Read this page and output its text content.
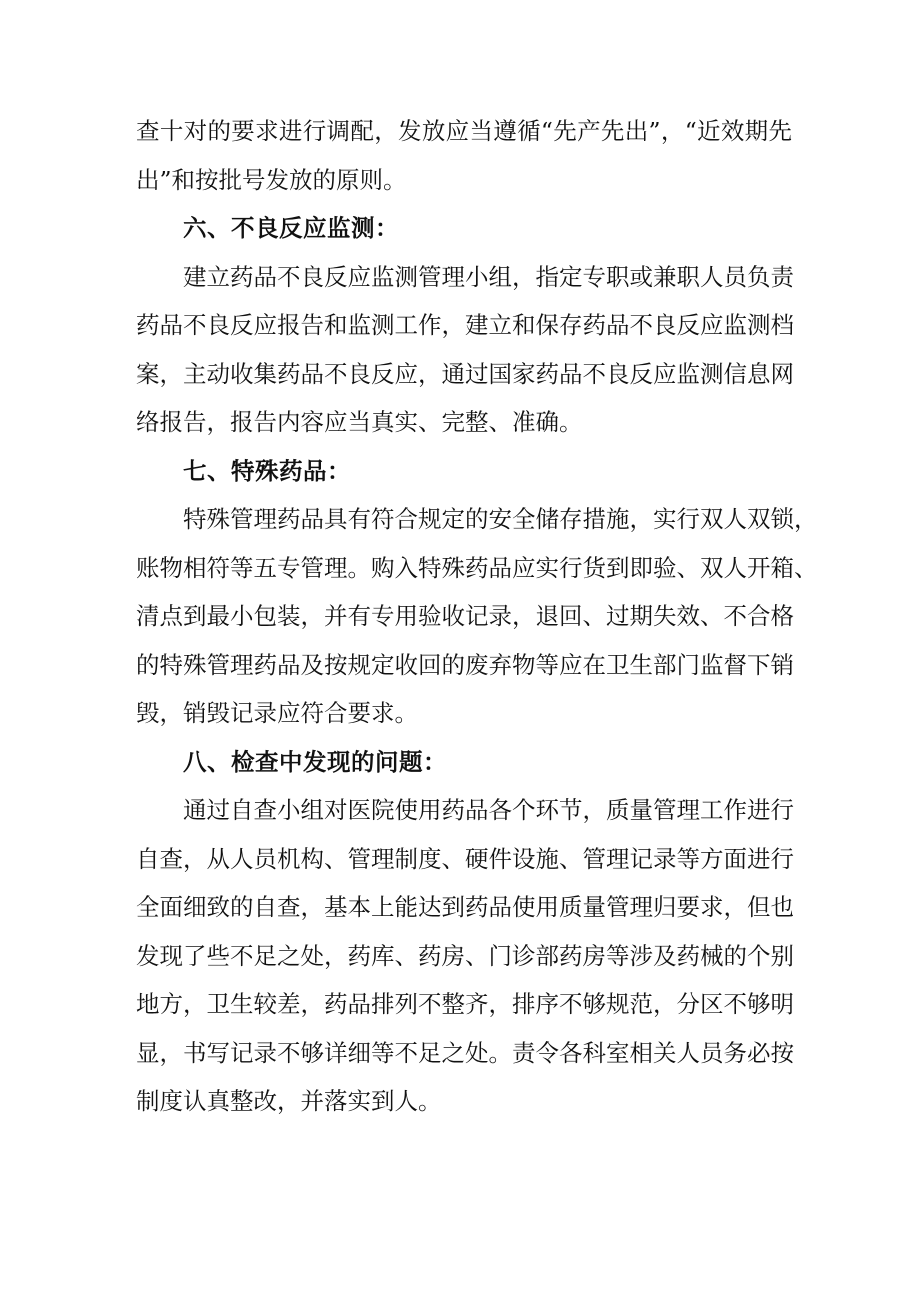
查十对的要求进行调配，发放应当遵循“先产先出”，“近效期先
出”和按批号发放的原则。
六、不良反应监测：
建立药品不良反应监测管理小组，指定专职或兼职人员负责
药品不良反应报告和监测工作，建立和保存药品不良反应监测档
案，主动收集药品不良反应，通过国家药品不良反应监测信息网
络报告，报告内容应当真实、完整、准确。
七、特殊药品：
特殊管理药品具有符合规定的安全储存措施，实行双人双锁，
账物相符等五专管理。购入特殊药品应实行货到即验、双人开箱、
清点到最小包装，并有专用验收记录，退回、过期失效、不合格
的特殊管理药品及按规定收回的废弃物等应在卫生部门监督下销
毁，销毁记录应符合要求。
八、检查中发现的问题：
通过自查小组对医院使用药品各个环节，质量管理工作进行
自查，从人员机构、管理制度、硬件设施、管理记录等方面进行
全面细致的自查，基本上能达到药品使用质量管理归要求，但也
发现了些不足之处，药库、药房、门诊部药房等涉及药械的个别
地方，卫生较差，药品排列不整齐，排序不够规范，分区不够明
显，书写记录不够详细等不足之处。责令各科室相关人员务必按
制度认真整改，并落实到人。
